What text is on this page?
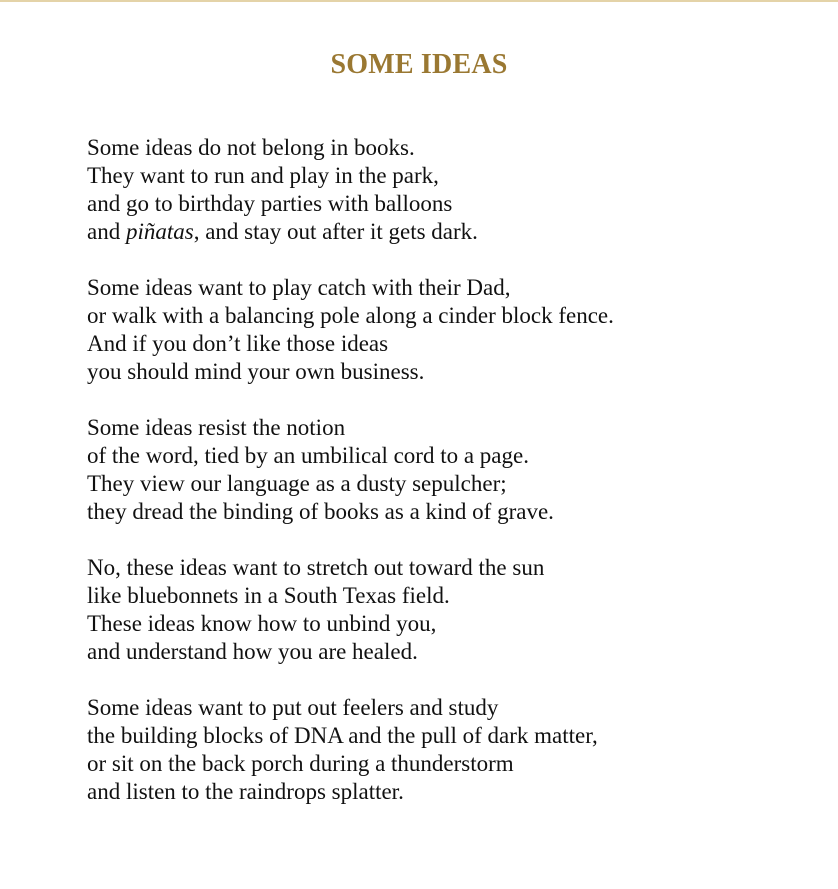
SOME IDEAS
Some ideas do not belong in books.
They want to run and play in the park,
and go to birthday parties with balloons
and piñatas, and stay out after it gets dark.
Some ideas want to play catch with their Dad,
or walk with a balancing pole along a cinder block fence.
And if you don’t like those ideas
you should mind your own business.
Some ideas resist the notion
of the word, tied by an umbilical cord to a page.
They view our language as a dusty sepulcher;
they dread the binding of books as a kind of grave.
No, these ideas want to stretch out toward the sun
like bluebonnets in a South Texas field.
These ideas know how to unbind you,
and understand how you are healed.
Some ideas want to put out feelers and study
the building blocks of DNA and the pull of dark matter,
or sit on the back porch during a thunderstorm
and listen to the raindrops splatter.
